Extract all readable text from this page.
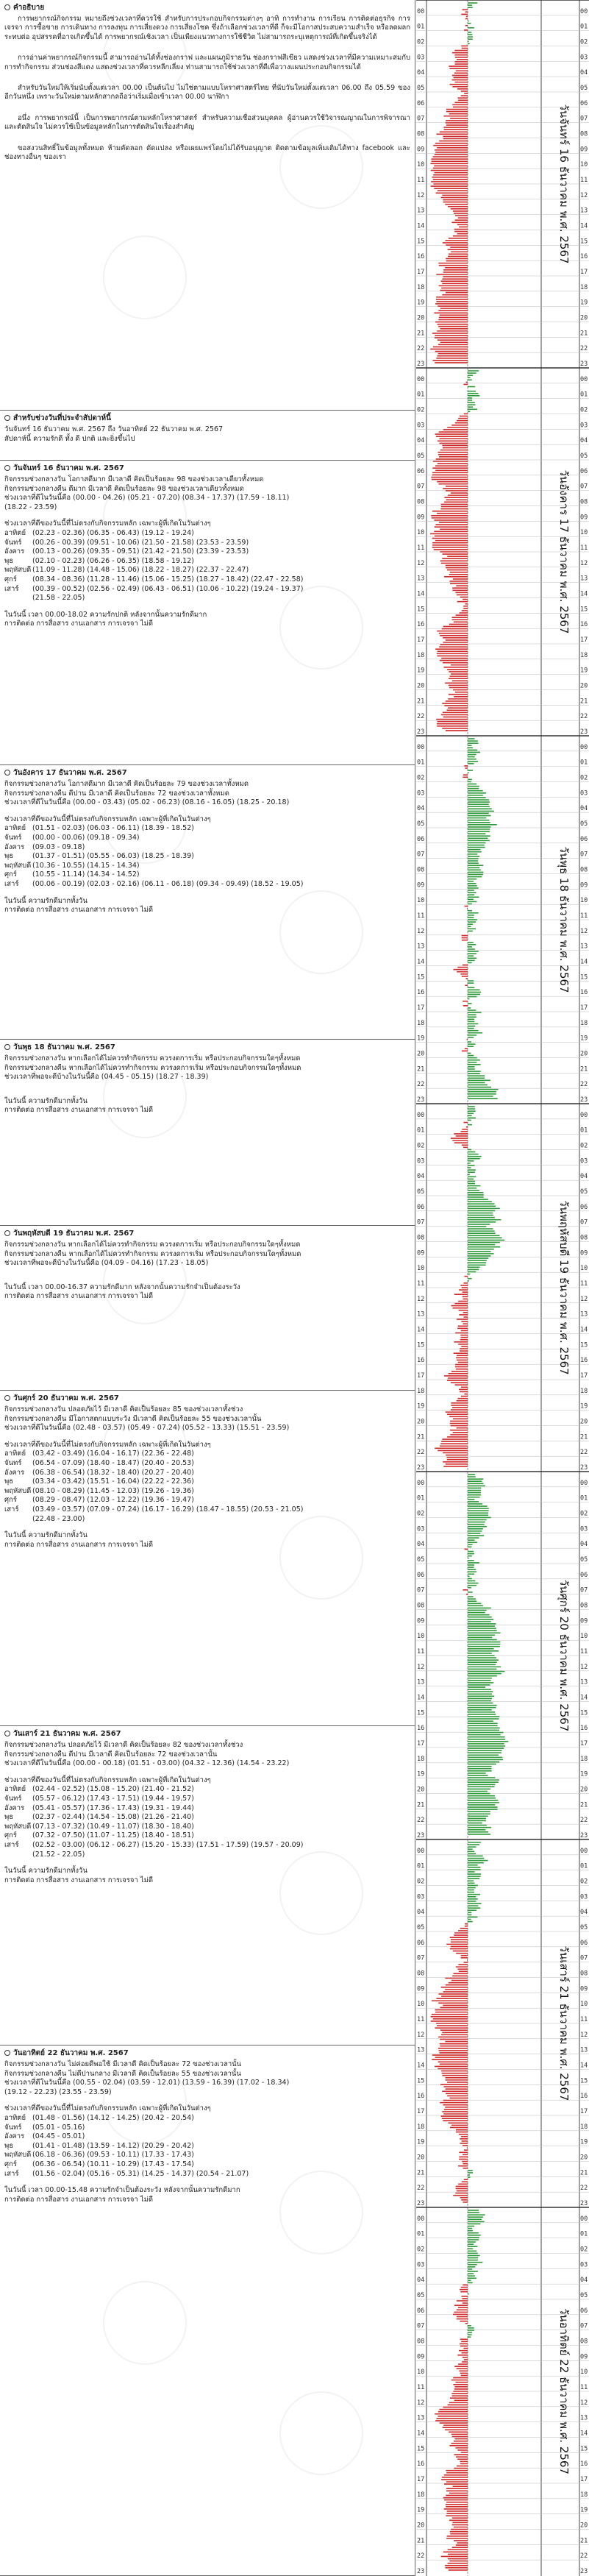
คำอธิบาย

การพยากรณ์กิจกรรม หมายถึงช่วงเวลาที่ควรใช้ สำหรับการประกอบกิจกรรมต่างๆ อาทิ การทำงาน การเรียน การติดต่อธุรกิจ การเจรจา การซื้อขาย การเดินทาง การลงทุน การเสี่ยงดวง การเสี่ยงโชค ซึ่งถ้าเลือกช่วงเวลาที่ดี ก็จะมีโอกาสประสบความสำเร็จ หรือลดผลกระทบต่อ อุปสรรคที่อาจเกิดขึ้นได้ การพยากรณ์เชิงเวลา เป็นเพียงแนวทางการใช้ชีวิต ไม่สามารถระบุเหตุการณ์ที่เกิดขึ้นจริงได้

การอ่านค่าพยากรณ์กิจกรรมนี้ สามารถอ่านได้ทั้งช่องกราฟ และแผนภูมิรายวัน ช่องกราฟสีเขียว แสดงช่วงเวลาที่มีความเหมาะสมกับการทำกิจกรรม ส่วนช่องสีแดง แสดงช่วงเวลาที่ควรหลีกเลี่ยง ท่านสามารถใช้ช่วงเวลาที่ดีเพื่อวางแผนประกอบกิจกรรมได้

สำหรับวันใหม่ให้เริ่มนับตั้งแต่เวลา 00.00 เป็นต้นไป ไม่ใช่ตามแบบโหราศาสตร์ไทย ที่นับวันใหม่ตั้งแต่เวลา 06.00 ถึง 05.59 ของอีกวันหนึ่ง เพราะวันใหม่ตามหลักสากลถือว่าเริ่มเมื่อเข้าเวลา 00.00 นาฬิกา

อนึ่ง การพยากรณ์นี้ เป็นการพยากรณ์ตามหลักโหราศาสตร์ สำหรับความเชื่อส่วนบุคคล ผู้อ่านควรใช้วิจารณญาณในการพิจารณาและตัดสินใจ ไม่ควรใช้เป็นข้อมูลหลักในการตัดสินใจเรื่องสำคัญ

ขอสงวนสิทธิ์ในข้อมูลทั้งหมด ห้ามคัดลอก ดัดแปลง หรือเผยแพร่โดยไม่ได้รับอนุญาต ติดตามข้อมูลเพิ่มเติมได้ทาง facebook และช่องทางอื่นๆ ของเรา

สำหรับช่วงวันที่ประจำสัปดาห์นี้
วันจันทร์ 16 ธันวาคม พ.ศ. 2567 ถึง วันอาทิตย์ 22 ธันวาคม พ.ศ. 2567
สัปดาห์นี้ ความรักดี ทั้ง ดี ปกติ และยิ่งขึ้นไป
วันจันทร์ 16 ธันวาคม พ.ศ. 2567
กิจกรรมช่วงกลางวัน โอกาสดีมาก มีเวลาดี คิดเป็นร้อยละ 98 ของช่วงเวลาเดียวทั้งหมด
กิจกรรมช่วงกลางคืน ดีมาก มีเวลาดี คิดเป็นร้อยละ 98 ของช่วงเวลาเดียวทั้งหมด
ช่วงเวลาที่ดีในวันนี้คือ (00.00 - 04.26) (05.21 - 07.20) (08.34 - 17.37) (17.59 - 18.11)
(18.22 - 23.59)
ช่วงเวลาที่ดีของวันนี้ที่ไม่ตรงกับกิจกรรมหลัก เฉพาะผู้ที่เกิดในวันต่างๆ
อาทิตย์ (02.23 - 02.36) (06.35 - 06.43) (19.12 - 19.24)
จันทร์ (00.26 - 00.39) (09.51 - 10.06) (21.50 - 21.58) (23.53 - 23.59)
อังคาร (00.13 - 00.26) (09.35 - 09.51) (21.42 - 21.50) (23.39 - 23.53)
พุธ	(02.10 - 02.23) (06.26 - 06.35) (18.58 - 19.12)
พฤหัสบดี (11.09 - 11.28) (14.48 - 15.06) (18.22 - 18.27) (22.37 - 22.47)
ศุกร์ (08.34 - 08.36) (11.28 - 11.46) (15.06 - 15.25) (18.27 - 18.42) (22.47 - 22.58)
เสาร์ (00.39 - 00.52) (02.56 - 02.49) (06.43 - 06.51) (10.06 - 10.22) (19.24 - 19.37)
(21.58 - 22.05)
ในวันนี้ เวลา 00.00-18.02 ความรักปกติ หลังจากนั้นความรักดีมาก
การติดต่อ การสื่อสาร งานเอกสาร การเจรจา ไม่ดี
วันอังคาร 17 ธันวาคม พ.ศ. 2567
กิจกรรมช่วงกลางวัน โอกาสดีมาก มีเวลาดี คิดเป็นร้อยละ 79 ของช่วงเวลาทั้งหมด
กิจกรรมช่วงกลางคืน ดีปาน มีเวลาดี คิดเป็นร้อยละ 72 ของช่วงเวลาทั้งหมด
ช่วงเวลาที่ดีในวันนี้คือ (00.00 - 03.43) (05.02 - 06.23) (08.16 - 16.05) (18.25 - 20.18)
ช่วงเวลาที่ดีของวันนี้ที่ไม่ตรงกับกิจกรรมหลัก เฉพาะผู้ที่เกิดในวันต่างๆ
อาทิตย์ (01.51 - 02.03) (06.03 - 06.11) (18.39 - 18.52)
จันทร์ (00.00 - 00.06) (09.18 - 09.34)
อังคาร (09.03 - 09.18)
พุธ	(01.37 - 01.51) (05.55 - 06.03) (18.25 - 18.39)
พฤหัสบดี (10.36 - 10.55) (14.15 - 14.34)
ศุกร์ (10.55 - 11.14) (14.34 - 14.52)
เสาร์ (00.06 - 00.19) (02.03 - 02.16) (06.11 - 06.18) (09.34 - 09.49) (18.52 - 19.05)
ในวันนี้ ความรักดีมากทั้งวัน
การติดต่อ การสื่อสาร งานเอกสาร การเจรจา ไม่ดี
วันพุธ 18 ธันวาคม พ.ศ. 2567
กิจกรรมช่วงกลางวัน หากเลือกได้ไม่ควรทำกิจกรรม ควรงดการเริ่ม หรือประกอบกิจกรรมใดๆทั้งหมด
กิจกรรมช่วงกลางคืน หากเลือกได้ไม่ควรทำกิจกรรม ควรงดการเริ่ม หรือประกอบกิจกรรมใดๆทั้งหมด
ช่วงเวลาที่พอจะดีบ้างในวันนี้คือ (04.45 - 05.15) (18.27 - 18.39)
ในวันนี้ ความรักดีมากทั้งวัน
การติดต่อ การสื่อสาร งานเอกสาร การเจรจา ไม่ดี
วันพฤหัสบดี 19 ธันวาคม พ.ศ. 2567
กิจกรรมช่วงกลางวัน หากเลือกได้ไม่ควรทำกิจกรรม ควรงดการเริ่ม หรือประกอบกิจกรรมใดๆทั้งหมด
กิจกรรมช่วงกลางคืน หากเลือกได้ไม่ควรทำกิจกรรม ควรงดการเริ่ม หรือประกอบกิจกรรมใดๆทั้งหมด
ช่วงเวลาที่พอจะดีบ้างในวันนี้คือ (04.09 - 04.16) (17.23 - 18.05)
ในวันนี้ เวลา 00.00-16.37 ความรักดีมาก หลังจากนั้นความรักจำเป็นต้องระวัง
การติดต่อ การสื่อสาร งานเอกสาร การเจรจา ไม่ดี
วันศุกร์ 20 ธันวาคม พ.ศ. 2567
กิจกรรมช่วงกลางวัน ปลอดภัยไว้ มีเวลาดี คิดเป็นร้อยละ 85 ของช่วงเวลาทั้งช่วง
กิจกรรมช่วงกลางคืน มีโอกาสตกแบบระวัง มีเวลาดี คิดเป็นร้อยละ 55 ของช่วงเวลานั้น
ช่วงเวลาที่ดีในวันนี้คือ (02.48 - 03.57) (05.49 - 07.24) (05.52 - 13.33) (15.51 - 23.59)
ช่วงเวลาที่ดีของวันนี้ที่ไม่ตรงกับกิจกรรมหลัก เฉพาะผู้ที่เกิดในวันต่างๆ
อาทิตย์ (03.42 - 03.49) (16.04 - 16.17) (22.36 - 22.48)
จันทร์ (06.54 - 07.09) (18.40 - 18.47) (20.40 - 20.53)
อังคาร (06.38 - 06.54) (18.32 - 18.40) (20.27 - 20.40)
พุธ	(03.34 - 03.42) (15.51 - 16.04) (22.22 - 22.36)
พฤหัสบดี (08.10 - 08.29) (11.45 - 12.03) (19.26 - 19.36)
ศุกร์ (08.29 - 08.47) (12.03 - 12.22) (19.36 - 19.47)
เสาร์ (03.49 - 03.57) (07.09 - 07.24) (16.17 - 16.29) (18.47 - 18.55) (20.53 - 21.05)
(22.48 - 23.00)
ในวันนี้ ความรักดีมากทั้งวัน
การติดต่อ การสื่อสาร งานเอกสาร การเจรจา ไม่ดี
วันเสาร์ 21 ธันวาคม พ.ศ. 2567
กิจกรรมช่วงกลางวัน ปลอดภัยไว้ มีเวลาดี คิดเป็นร้อยละ 82 ของช่วงเวลาทั้งช่วง
กิจกรรมช่วงกลางคืน ดีปาน มีเวลาดี คิดเป็นร้อยละ 72 ของช่วงเวลานั้น
ช่วงเวลาที่ดีในวันนี้คือ (00.00 - 00.18) (01.51 - 03.00) (04.32 - 12.36) (14.54 - 23.22)
ช่วงเวลาที่ดีของวันนี้ที่ไม่ตรงกับกิจกรรมหลัก เฉพาะผู้ที่เกิดในวันต่างๆ
อาทิตย์ (02.44 - 02.52) (15.08 - 15.20) (21.40 - 21.52)
จันทร์ (05.57 - 06.12) (17.43 - 17.51) (19.44 - 19.57)
อังคาร (05.41 - 05.57) (17.36 - 17.43) (19.31 - 19.44)
พุธ	(02.37 - 02.44) (14.54 - 15.08) (21.26 - 21.40)
พฤหัสบดี (07.13 - 07.32) (10.49 - 11.07) (18.30 - 18.40)
ศุกร์ (07.32 - 07.50) (11.07 - 11.25) (18.40 - 18.51)
เสาร์ (02.52 - 03.00) (06.12 - 06.27) (15.20 - 15.33) (17.51 - 17.59) (19.57 - 20.09)
(21.52 - 22.05)
ในวันนี้ ความรักดีมากทั้งวัน
การติดต่อ การสื่อสาร งานเอกสาร การเจรจา ไม่ดี
วันอาทิตย์ 22 ธันวาคม พ.ศ. 2567
กิจกรรมช่วงกลางวัน ไม่ค่อยดีพอใช้ มีเวลาดี คิดเป็นร้อยละ 72 ของช่วงเวลานั้น
กิจกรรมช่วงกลางคืน ไม่ดีปานกลาง มีเวลาดี คิดเป็นร้อยละ 55 ของช่วงเวลานั้น
ช่วงเวลาที่ดีในวันนี้คือ (00.55 - 02.04) (03.59 - 12.01) (13.59 - 16.39) (17.02 - 18.34)
(19.12 - 22.23) (23.55 - 23.59)
ช่วงเวลาที่ดีของวันนี้ที่ไม่ตรงกับกิจกรรมหลัก เฉพาะผู้ที่เกิดในวันต่างๆ
อาทิตย์ (01.48 - 01.56) (14.12 - 14.25) (20.42 - 20.54)
จันทร์ (05.01 - 05.16)
อังคาร (04.45 - 05.01)
พุธ	(01.41 - 01.48) (13.59 - 14.12) (20.29 - 20.42)
พฤหัสบดี (06.18 - 06.36) (09.53 - 10.11) (17.33 - 17.43)
ศุกร์ (06.36 - 06.54) (10.11 - 10.29) (17.43 - 17.54)
เสาร์ (01.56 - 02.04) (05.16 - 05.31) (14.25 - 14.37) (20.54 - 21.07)
ในวันนี้ เวลา 00.00-15.48 ความรักจำเป็นต้องระวัง หลังจากนั้นความรักดีมาก
การติดต่อ การสื่อสาร งานเอกสาร การเจรจา ไม่ดี
00	00
01	01
02	02
03	03
04	04
05	05
06	06
07	07
08	08
09	09
10	10
11	11
12	12
13	13
14	14
15	15
16	16
17	17
18	18
19	19
20	20
21	21
22	22
23	23
วันจันทร์ 16 ธันวาคม พ.ศ. 2567
00	00
01	01
02	02
03	03
04	04
05	05
06	06
07	07
08	08
09	09
10	10
11	11
12	12
13	13
14	14
15	15
16	16
17	17
18	18
19	19
20	20
21	21
22	22
23	23
วันอังคาร 17 ธันวาคม พ.ศ. 2567
00	00
01	01
02	02
03	03
04	04
05	05
06	06
07	07
08	08
09	09
10	10
11	11
12	12
13	13
14	14
15	15
16	16
17	17
18	18
19	19
20	20
21	21
22	22
23	23
วันพุธ 18 ธันวาคม พ.ศ. 2567
00	00
01	01
02	02
03	03
04	04
05	05
06	06
07	07
08	08
09	09
10	10
11	11
12	12
13	13
14	14
15	15
16	16
17	17
18	18
19	19
20	20
21	21
22	22
23	23
วันพฤหัสบดี 19 ธันวาคม พ.ศ. 2567
00	00
01	01
02	02
03	03
04	04
05	05
06	06
07	07
08	08
09	09
10	10
11	11
12	12
13	13
14	14
15	15
16	16
17	17
18	18
19	19
20	20
21	21
22	22
23	23
วันศุกร์ 20 ธันวาคม พ.ศ. 2567
00	00
01	01
02	02
03	03
04	04
05	05
06	06
07	07
08	08
09	09
10	10
11	11
12	12
13	13
14	14
15	15
16	16
17	17
18	18
19	19
20	20
21	21
22	22
23	23
วันเสาร์ 21 ธันวาคม พ.ศ. 2567
00	00
01	01
02	02
03	03
04	04
05	05
06	06
07	07
08	08
09	09
10	10
11	11
12	12
13	13
14	14
15	15
16	16
17	17
18	18
19	19
20	20
21	21
22	22
23	23
วันอาทิตย์ 22 ธันวาคม พ.ศ. 2567
